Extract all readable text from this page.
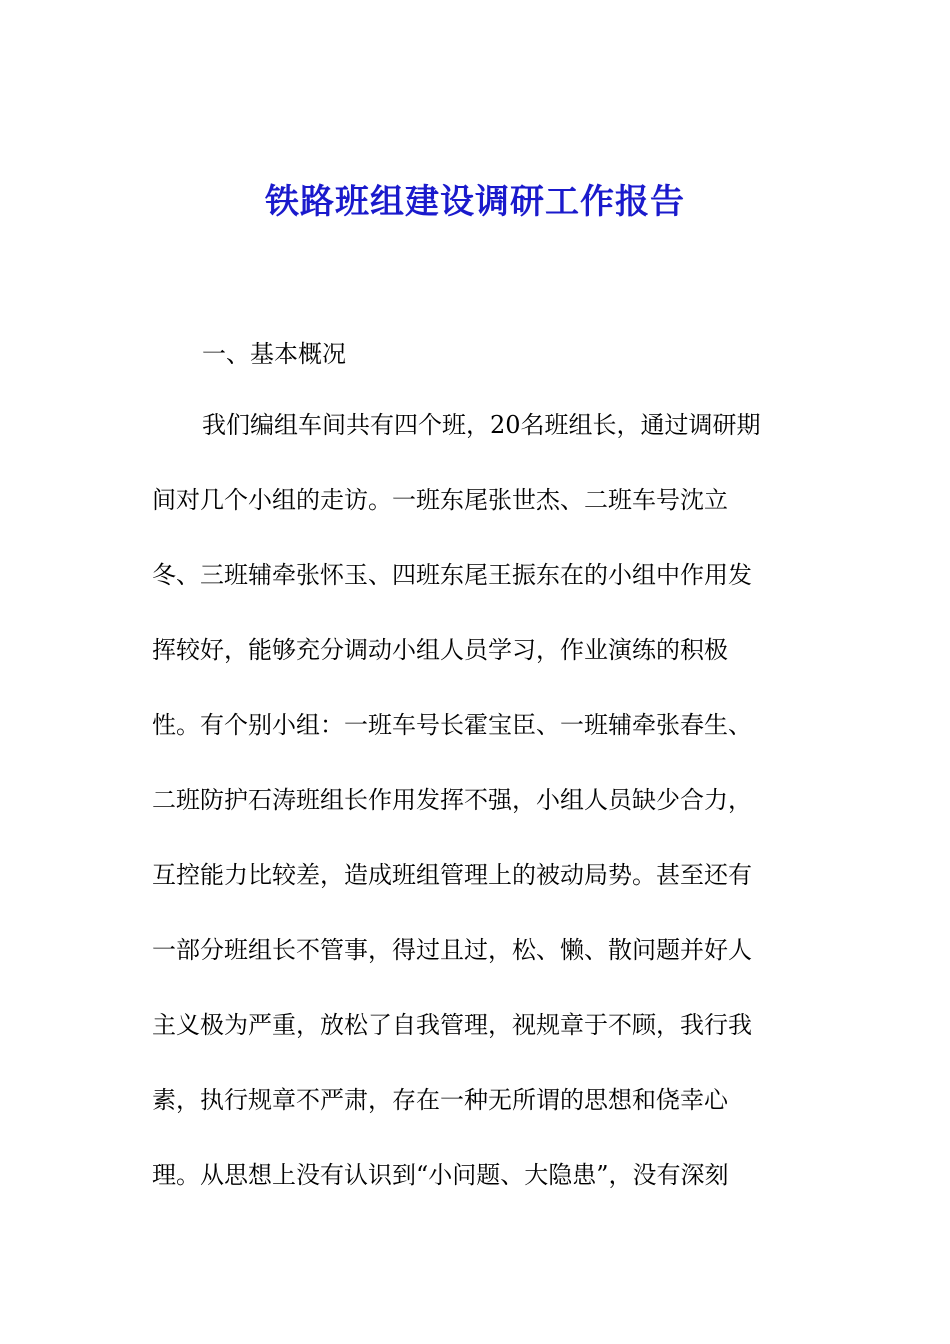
铁路班组建设调研工作报告

一、基本概况

我们编组车间共有四个班，20名班组长，通过调研期
间对几个小组的走访。一班东尾张世杰、二班车号沈立
冬、三班辅牵张怀玉、四班东尾王振东在的小组中作用发
挥较好，能够充分调动小组人员学习，作业演练的积极
性。有个别小组：一班车号长霍宝臣、一班辅牵张春生、
二班防护石涛班组长作用发挥不强，小组人员缺少合力，
互控能力比较差，造成班组管理上的被动局势。甚至还有
一部分班组长不管事，得过且过，松、懒、散问题并好人
主义极为严重，放松了自我管理，视规章于不顾，我行我
素，执行规章不严肃，存在一种无所谓的思想和侥幸心
理。从思想上没有认识到“小问题、大隐患”，没有深刻
